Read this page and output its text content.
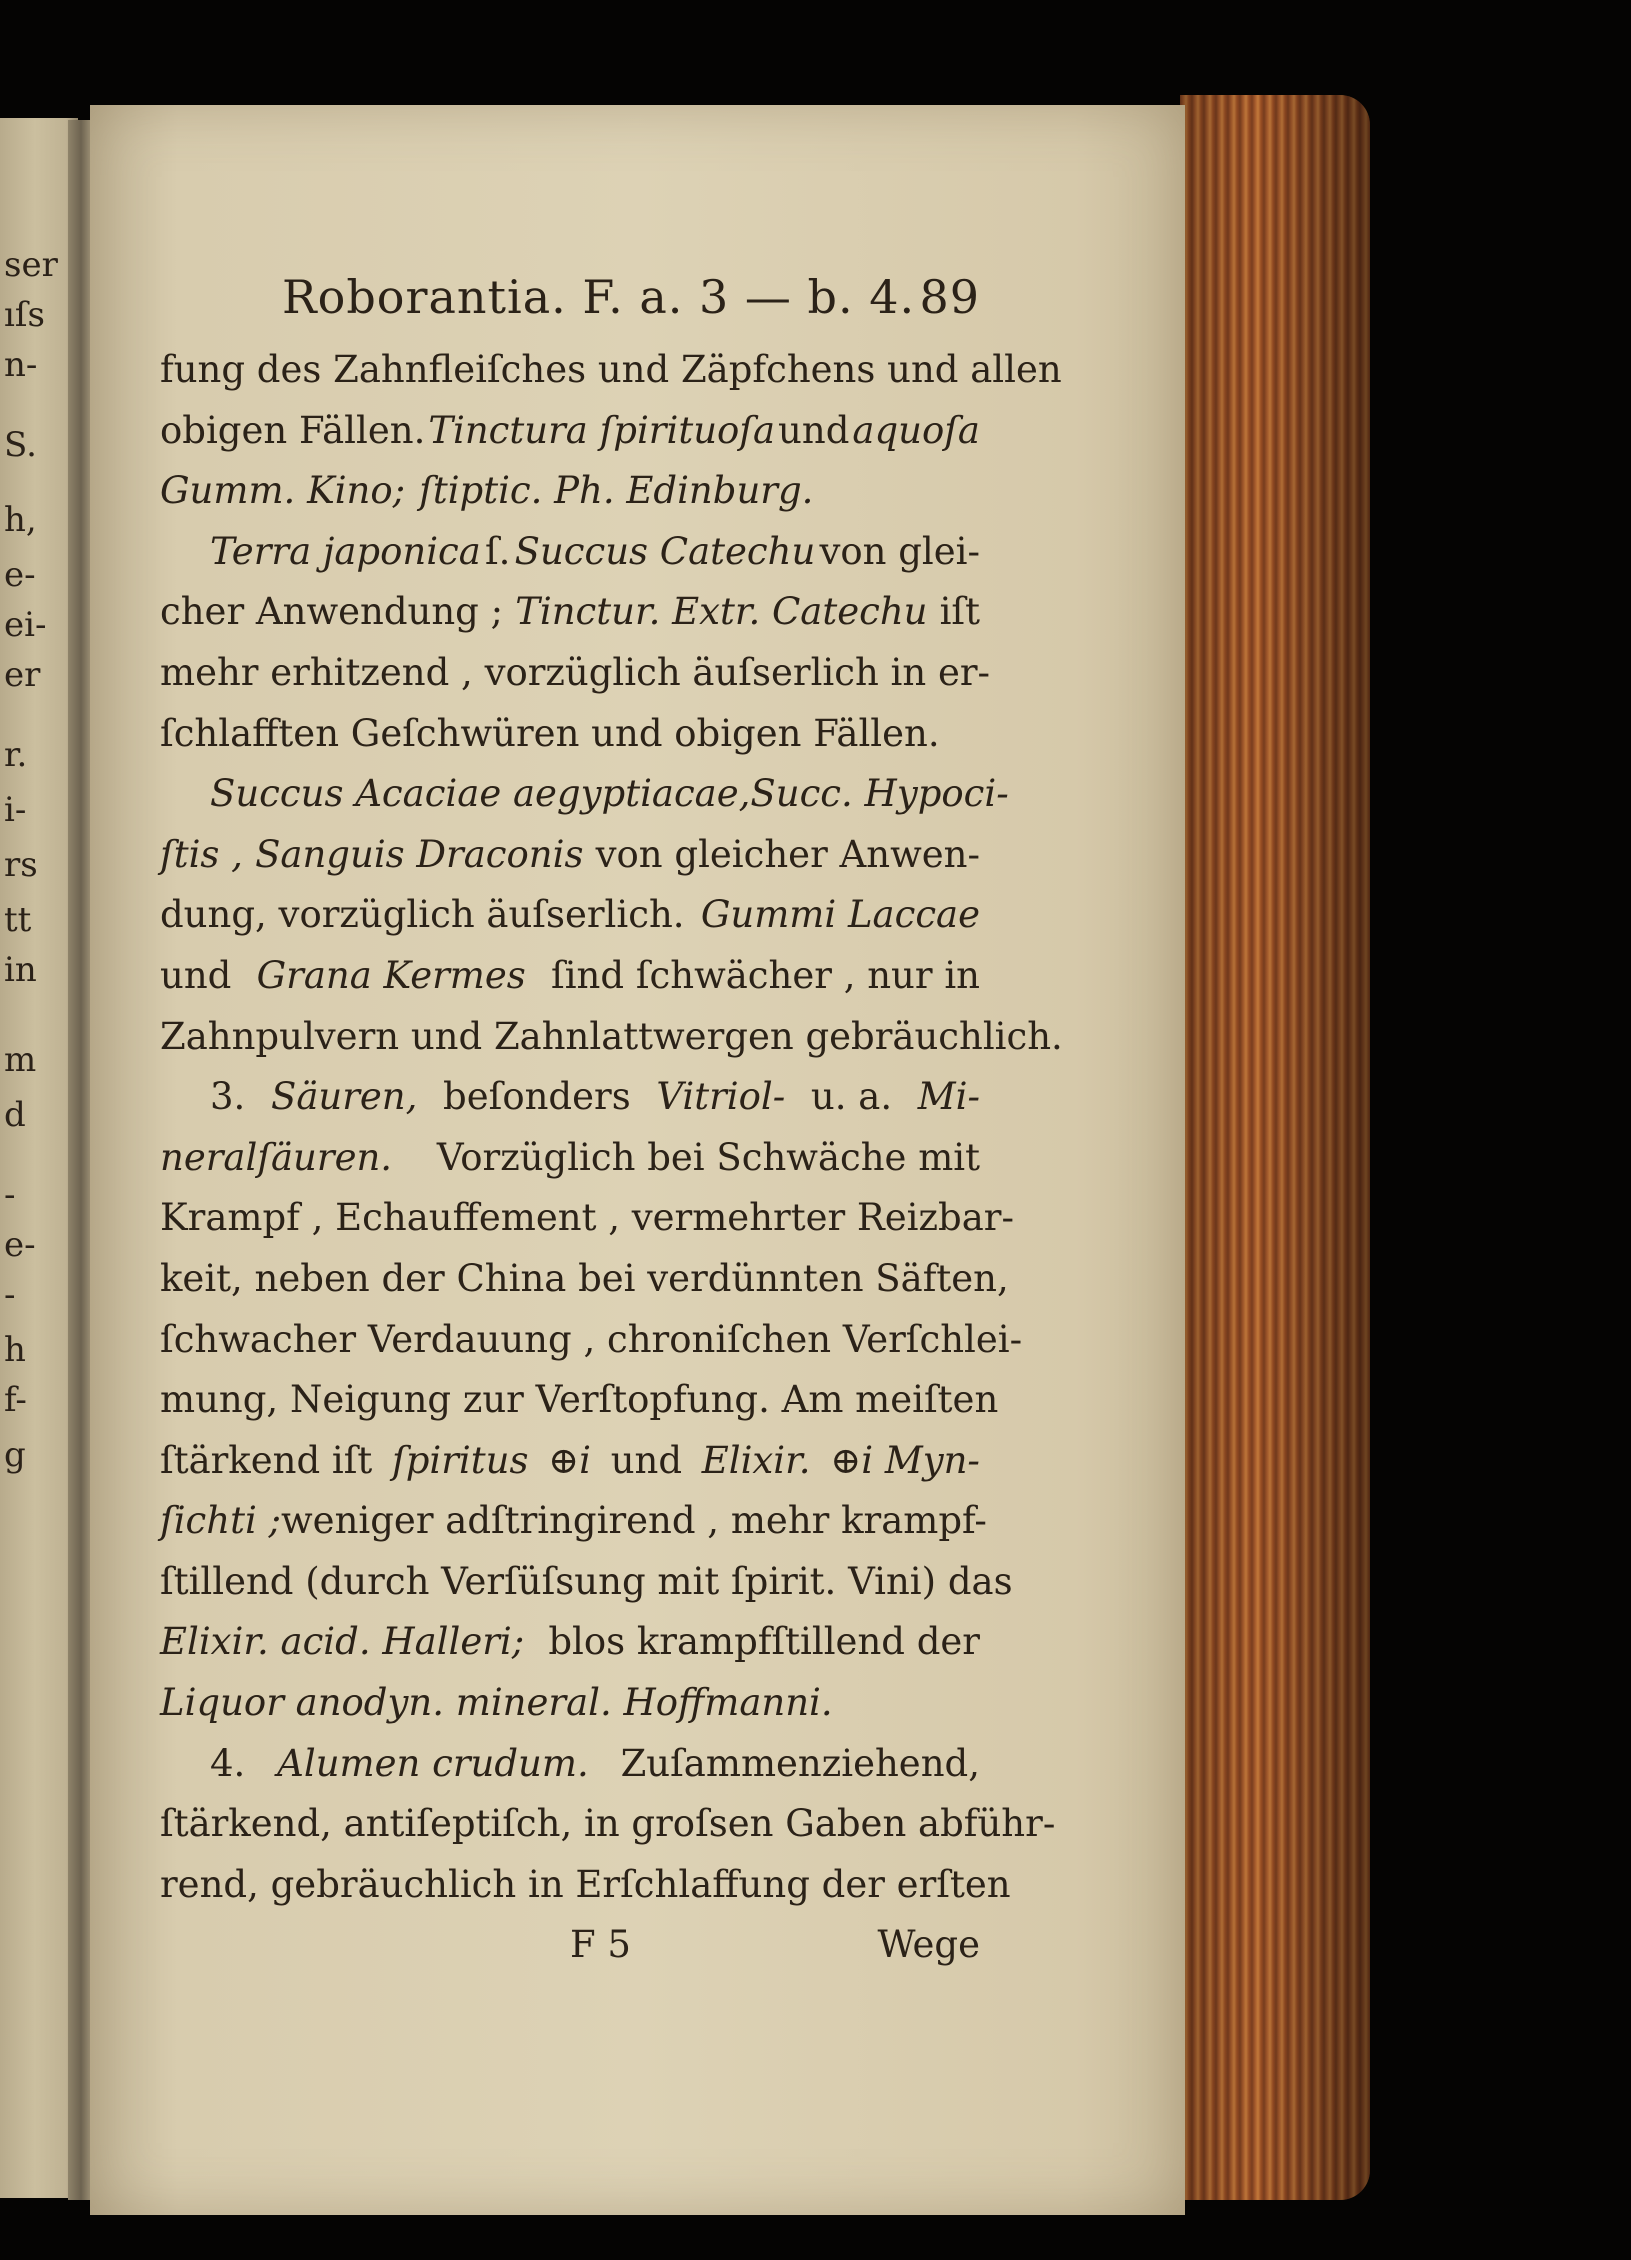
ser
ıſs
n-
S.
h,
e-
ei-
er
r.
i-
rs
tt
in
m
d
-
e-
-
h
f-
g
Roborantia. F. a. 3 — b. 4. 89
fung des Zahnfleiſches und Zäpfchens und allen
obigen Fällen. Tinctura ſpirituoſa und aquoſa
Gumm. Kino; ſtiptic. Ph. Edinburg.
Terra japonica ſ. Succus Catechu von glei-
cher Anwendung ; Tinctur. Extr. Catechu iſt
mehr erhitzend , vorzüglich äuſserlich in er-
ſchlafften Geſchwüren und obigen Fällen.
Succus Acaciae aegyptiacae, Succ. Hypoci-
ſtis , Sanguis Draconis von gleicher Anwen-
dung, vorzüglich äuſserlich. Gummi Laccae
und Grana Kermes ſind ſchwächer , nur in
Zahnpulvern und Zahnlattwergen gebräuchlich.
3. Säuren, beſonders Vitriol- u. a. Mi-
neralſäuren. Vorzüglich bei Schwäche mit
Krampf , Echauffement , vermehrter Reizbar-
keit, neben der China bei verdünnten Säften,
ſchwacher Verdauung , chroniſchen Verſchlei-
mung, Neigung zur Verſtopfung. Am meiſten
ſtärkend iſt ſpiritus ⊕i und Elixir. ⊕i Myn-
ſichti ; weniger adſtringirend , mehr krampf-
ſtillend (durch Verſüſsung mit ſpirit. Vini) das
Elixir. acid. Halleri; blos krampfſtillend der
Liquor anodyn. mineral. Hoffmanni.
4. Alumen crudum. Zuſammenziehend,
ſtärkend, antiſeptiſch, in groſsen Gaben abführ-
rend, gebräuchlich in Erſchlaffung der erſten
F 5	Wege
